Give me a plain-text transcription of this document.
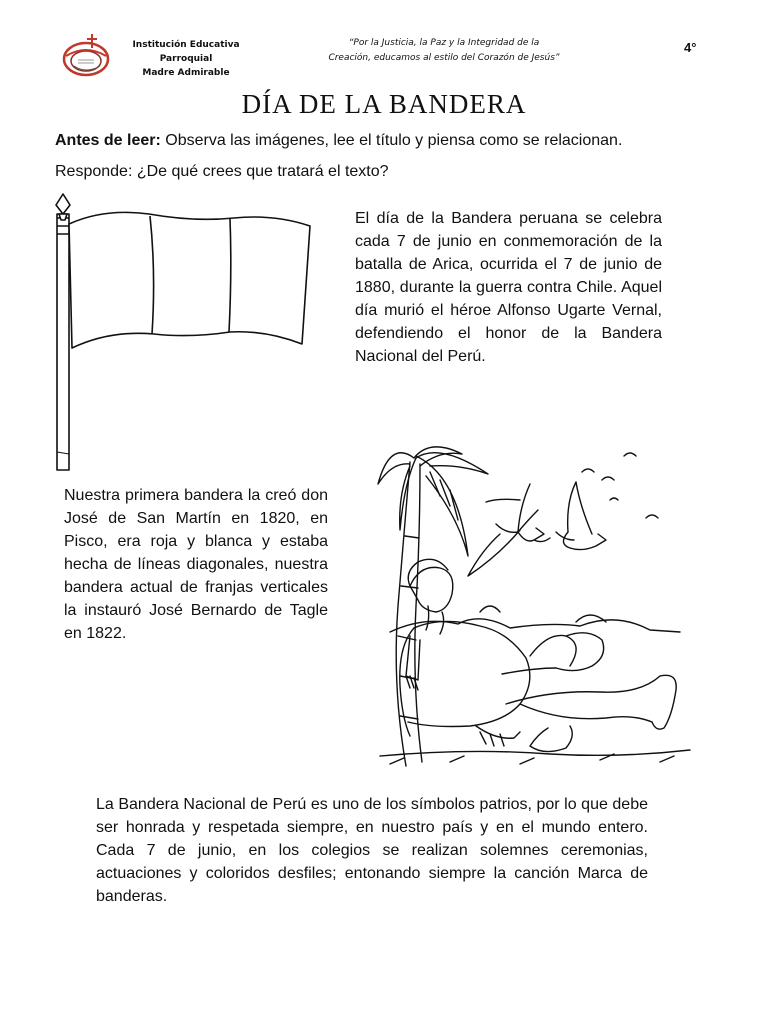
Institución Educativa Parroquial
Madre Admirable
“Por la Justicia, la Paz y la Integridad de la
Creación, educamos al estilo del Corazón de Jesús”
4°
DÍA DE LA BANDERA
Antes de leer: Observa las imágenes, lee el título y piensa como se relacionan.
Responde: ¿De qué crees que tratará el texto?
El día de la Bandera peruana se celebra cada 7 de junio en conmemoración de la batalla de Arica, ocurrida el 7 de junio de 1880, durante la guerra contra Chile. Aquel día murió el héroe Alfonso Ugarte Vernal, defendiendo el honor de la Bandera Nacional del Perú.
Nuestra primera bandera la creó don José de San Martín en 1820, en Pisco, era roja y blanca y estaba hecha de líneas diagonales, nuestra bandera actual de franjas verticales la instauró José Bernardo de Tagle en 1822.
La Bandera Nacional de Perú es uno de los símbolos patrios, por lo que debe ser honrada y respetada siempre, en nuestro país y en el mundo entero. Cada 7 de junio, en los colegios se realizan solemnes ceremonias, actuaciones y coloridos desfiles; entonando siempre la canción Marca de banderas.
